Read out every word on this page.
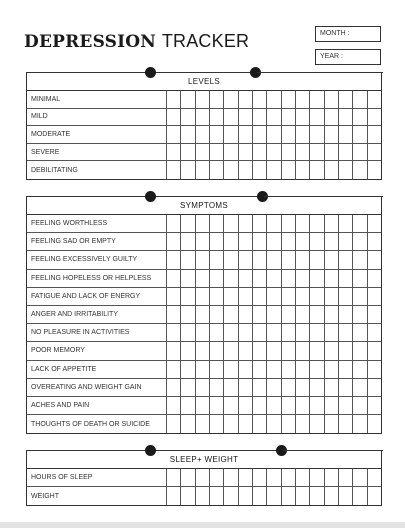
DEPRESSION TRACKER	MONTH :
YEAR :
LEVELS
MINIMAL
MILD
MODERATE
SEVERE
DEBILITATING
SYMPTOMS
FEELING WORTHLESS
FEELING SAD OR EMPTY
FEELING EXCESSIVELY GUILTY
FEELING HOPELESS OR HELPLESS
FATIGUE AND LACK OF ENERGY
ANGER AND IRRITABILITY
NO PLEASURE IN ACTIVITIES
POOR MEMORY
LACK OF APPETITE
OVEREATING AND WEIGHT GAIN
ACHES AND PAIN
THOUGHTS OF DEATH OR SUICIDE
SLEEP+ WEIGHT
HOURS OF SLEEP
WEIGHT
